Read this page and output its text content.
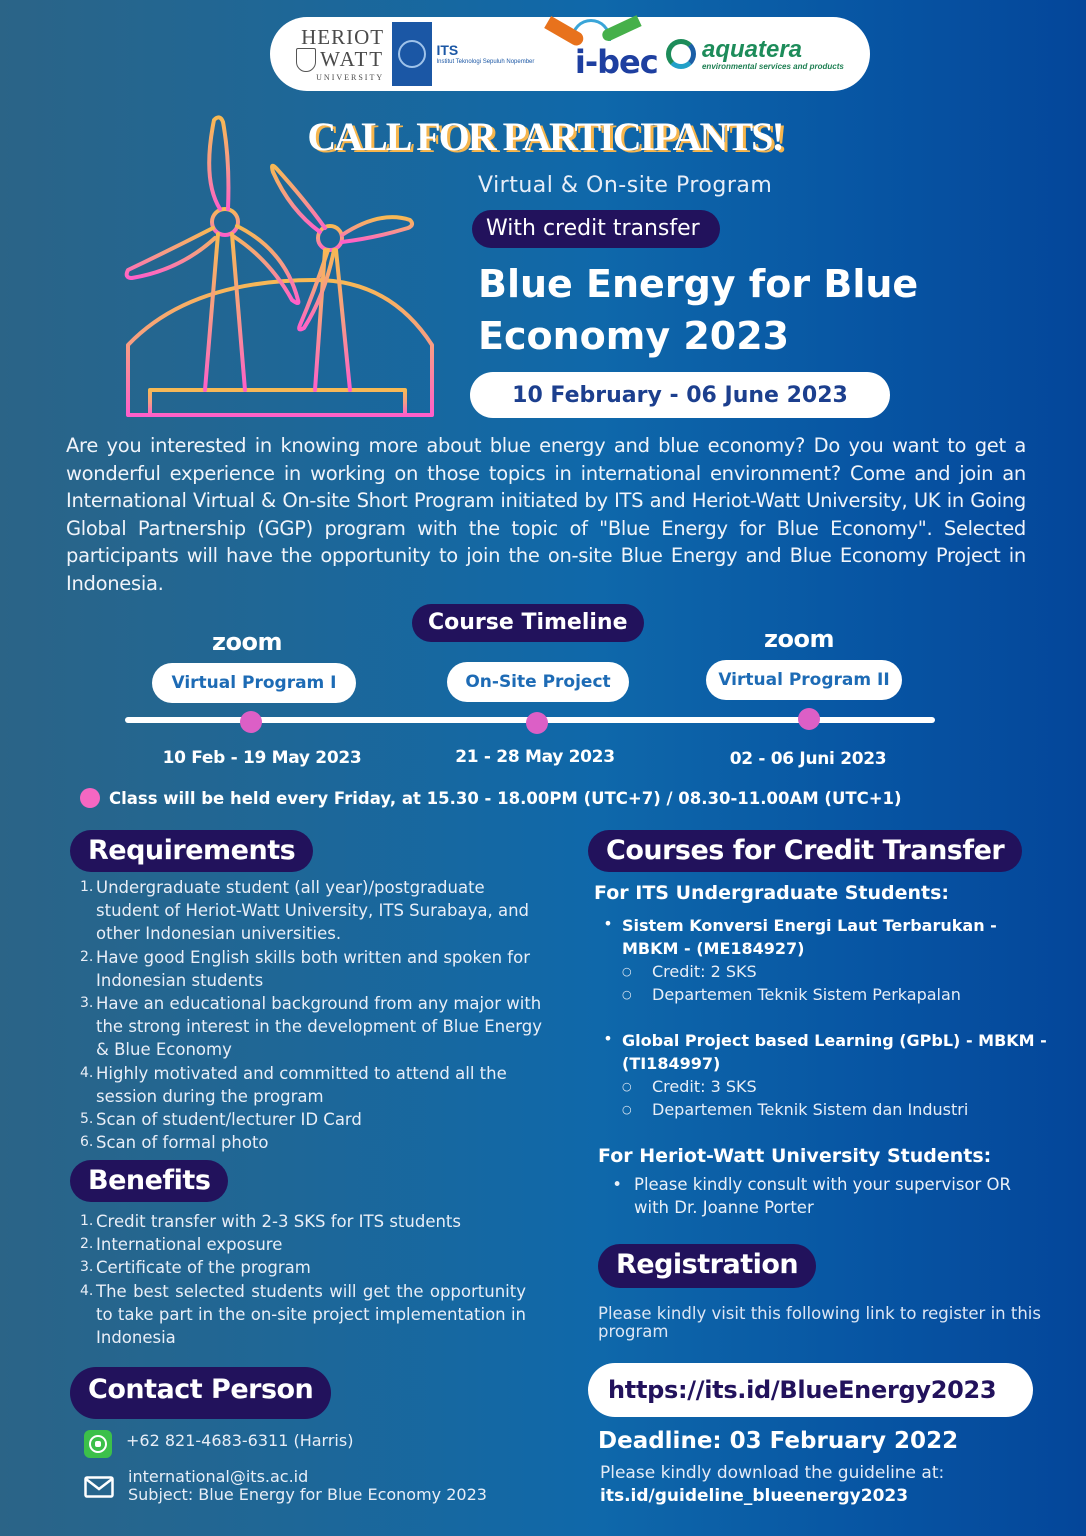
HERIOT
WATT
UNIVERSITY
ITS
Institut Teknologi Sepuluh Nopember i-bec aquatera
environmental services and products
CALL FOR PARTICIPANTS!
Virtual & On-site Program
With credit transfer
Blue Energy for Blue
Economy 2023
10 February - 06 June 2023
Are you interested in knowing more about blue energy and blue economy? Do you want to get a wonderful experience in working on those topics in international environment? Come and join an International Virtual & On-site Short Program initiated by ITS and Heriot-Watt University, UK in Going Global Partnership (GGP) program with the topic of "Blue Energy for Blue Economy". Selected participants will have the opportunity to join the on-site Blue Energy and Blue Economy Project in Indonesia.
Course Timeline
zoom	zoom
Virtual Program I	On-Site Project	Virtual Program II
10 Feb - 19 May 2023	21 - 28 May 2023	02 - 06 Juni 2023
Class will be held every Friday, at 15.30 - 18.00PM (UTC+7) / 08.30-11.00AM (UTC+1)
Requirements
1. Undergraduate student (all year)/postgraduate student of Heriot-Watt University, ITS Surabaya, and other Indonesian universities.
2. Have good English skills both written and spoken for Indonesian students
3. Have an educational background from any major with the strong interest in the development of Blue Energy & Blue Economy
4. Highly motivated and committed to attend all the session during the program
5. Scan of student/lecturer ID Card
6. Scan of formal photo
Benefits
1. Credit transfer with 2-3 SKS for ITS students
2. International exposure
3. Certificate of the program
4. The best selected students will get the opportunity to take part in the on-site project implementation in Indonesia
Contact Person
+62 821-4683-6311 (Harris)
international@its.ac.id
Subject: Blue Energy for Blue Economy 2023
Courses for Credit Transfer
For ITS Undergraduate Students:
• Sistem Konversi Energi Laut Terbarukan - MBKM - (ME184927)
○	Credit: 2 SKS
○	Departemen Teknik Sistem Perkapalan
• Global Project based Learning (GPbL) - MBKM - (TI184997)
○	Credit: 3 SKS
○	Departemen Teknik Sistem dan Industri
For Heriot-Watt University Students:
• Please kindly consult with your supervisor OR with Dr. Joanne Porter
Registration
Please kindly visit this following link to register in this program
https://its.id/BlueEnergy2023
Deadline: 03 February 2022
Please kindly download the guideline at:
its.id/guideline_blueenergy2023
